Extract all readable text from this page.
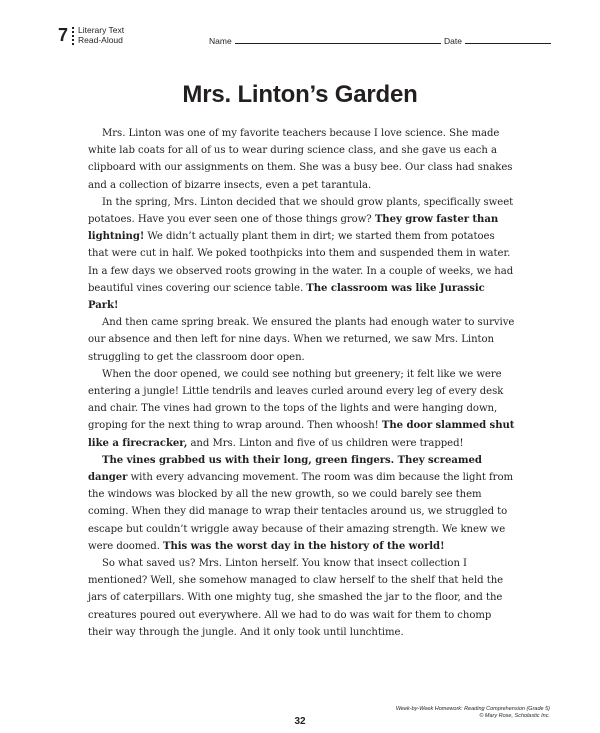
7 Literary Text
Read-Aloud	Name	Date
Mrs. Linton’s Garden

Mrs. Linton was one of my favorite teachers because I love science. She made white lab coats for all of us to wear during science class, and she gave us each a clipboard with our assignments on them. She was a busy bee. Our class had snakes and a collection of bizarre insects, even a pet tarantula.

In the spring, Mrs. Linton decided that we should grow plants, specifically sweet potatoes. Have you ever seen one of those things grow? They grow faster than lightning! We didn’t actually plant them in dirt; we started them from potatoes that were cut in half. We poked toothpicks into them and suspended them in water. In a few days we observed roots growing in the water. In a couple of weeks, we had beautiful vines covering our science table. The classroom was like Jurassic Park!

And then came spring break. We ensured the plants had enough water to survive our absence and then left for nine days. When we returned, we saw Mrs. Linton struggling to get the classroom door open.

When the door opened, we could see nothing but greenery; it felt like we were entering a jungle! Little tendrils and leaves curled around every leg of every desk and chair. The vines had grown to the tops of the lights and were hanging down, groping for the next thing to wrap around. Then whoosh! The door slammed shut like a firecracker, and Mrs. Linton and five of us children were trapped!

The vines grabbed us with their long, green fingers. They screamed danger with every advancing movement. The room was dim because the light from the windows was blocked by all the new growth, so we could barely see them coming. When they did manage to wrap their tentacles around us, we struggled to escape but couldn’t wriggle away because of their amazing strength. We knew we were doomed. This was the worst day in the history of the world!

So what saved us? Mrs. Linton herself. You know that insect collection I mentioned? Well, she somehow managed to claw herself to the shelf that held the jars of caterpillars. With one mighty tug, she smashed the jar to the floor, and the creatures poured out everywhere. All we had to do was wait for them to chomp their way through the jungle. And it only took until lunchtime.

Week-by-Week Homework: Reading Comprehension (Grade 5)
© Mary Rose, Scholastic Inc.
32
